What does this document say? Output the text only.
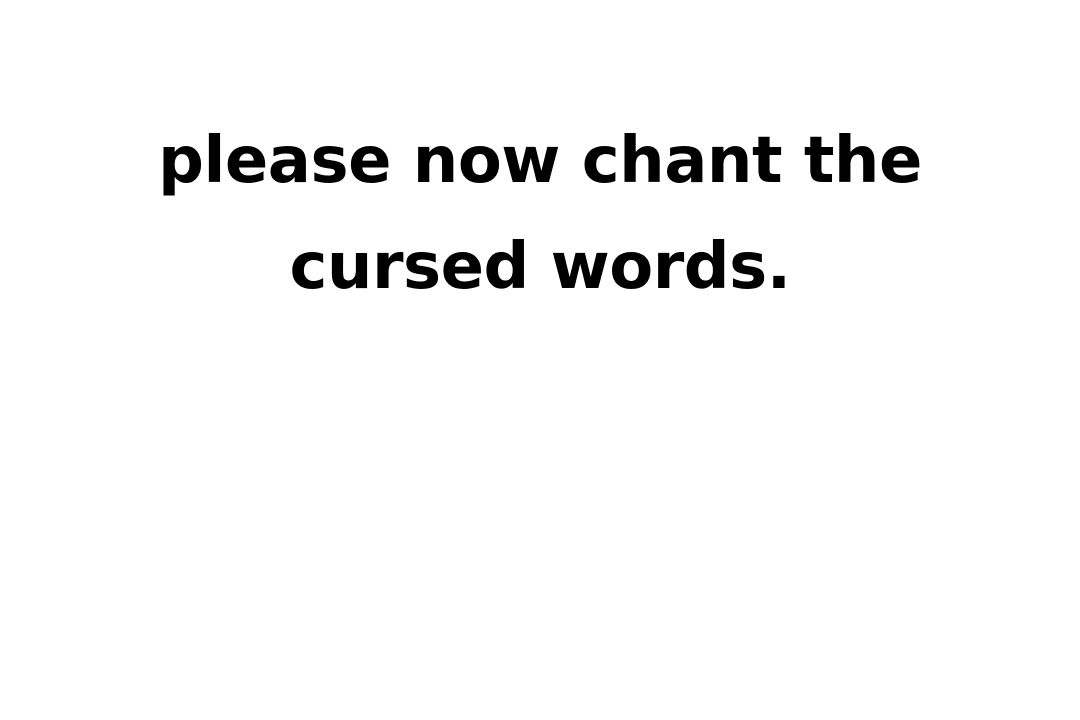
please now chant the
cursed words.
